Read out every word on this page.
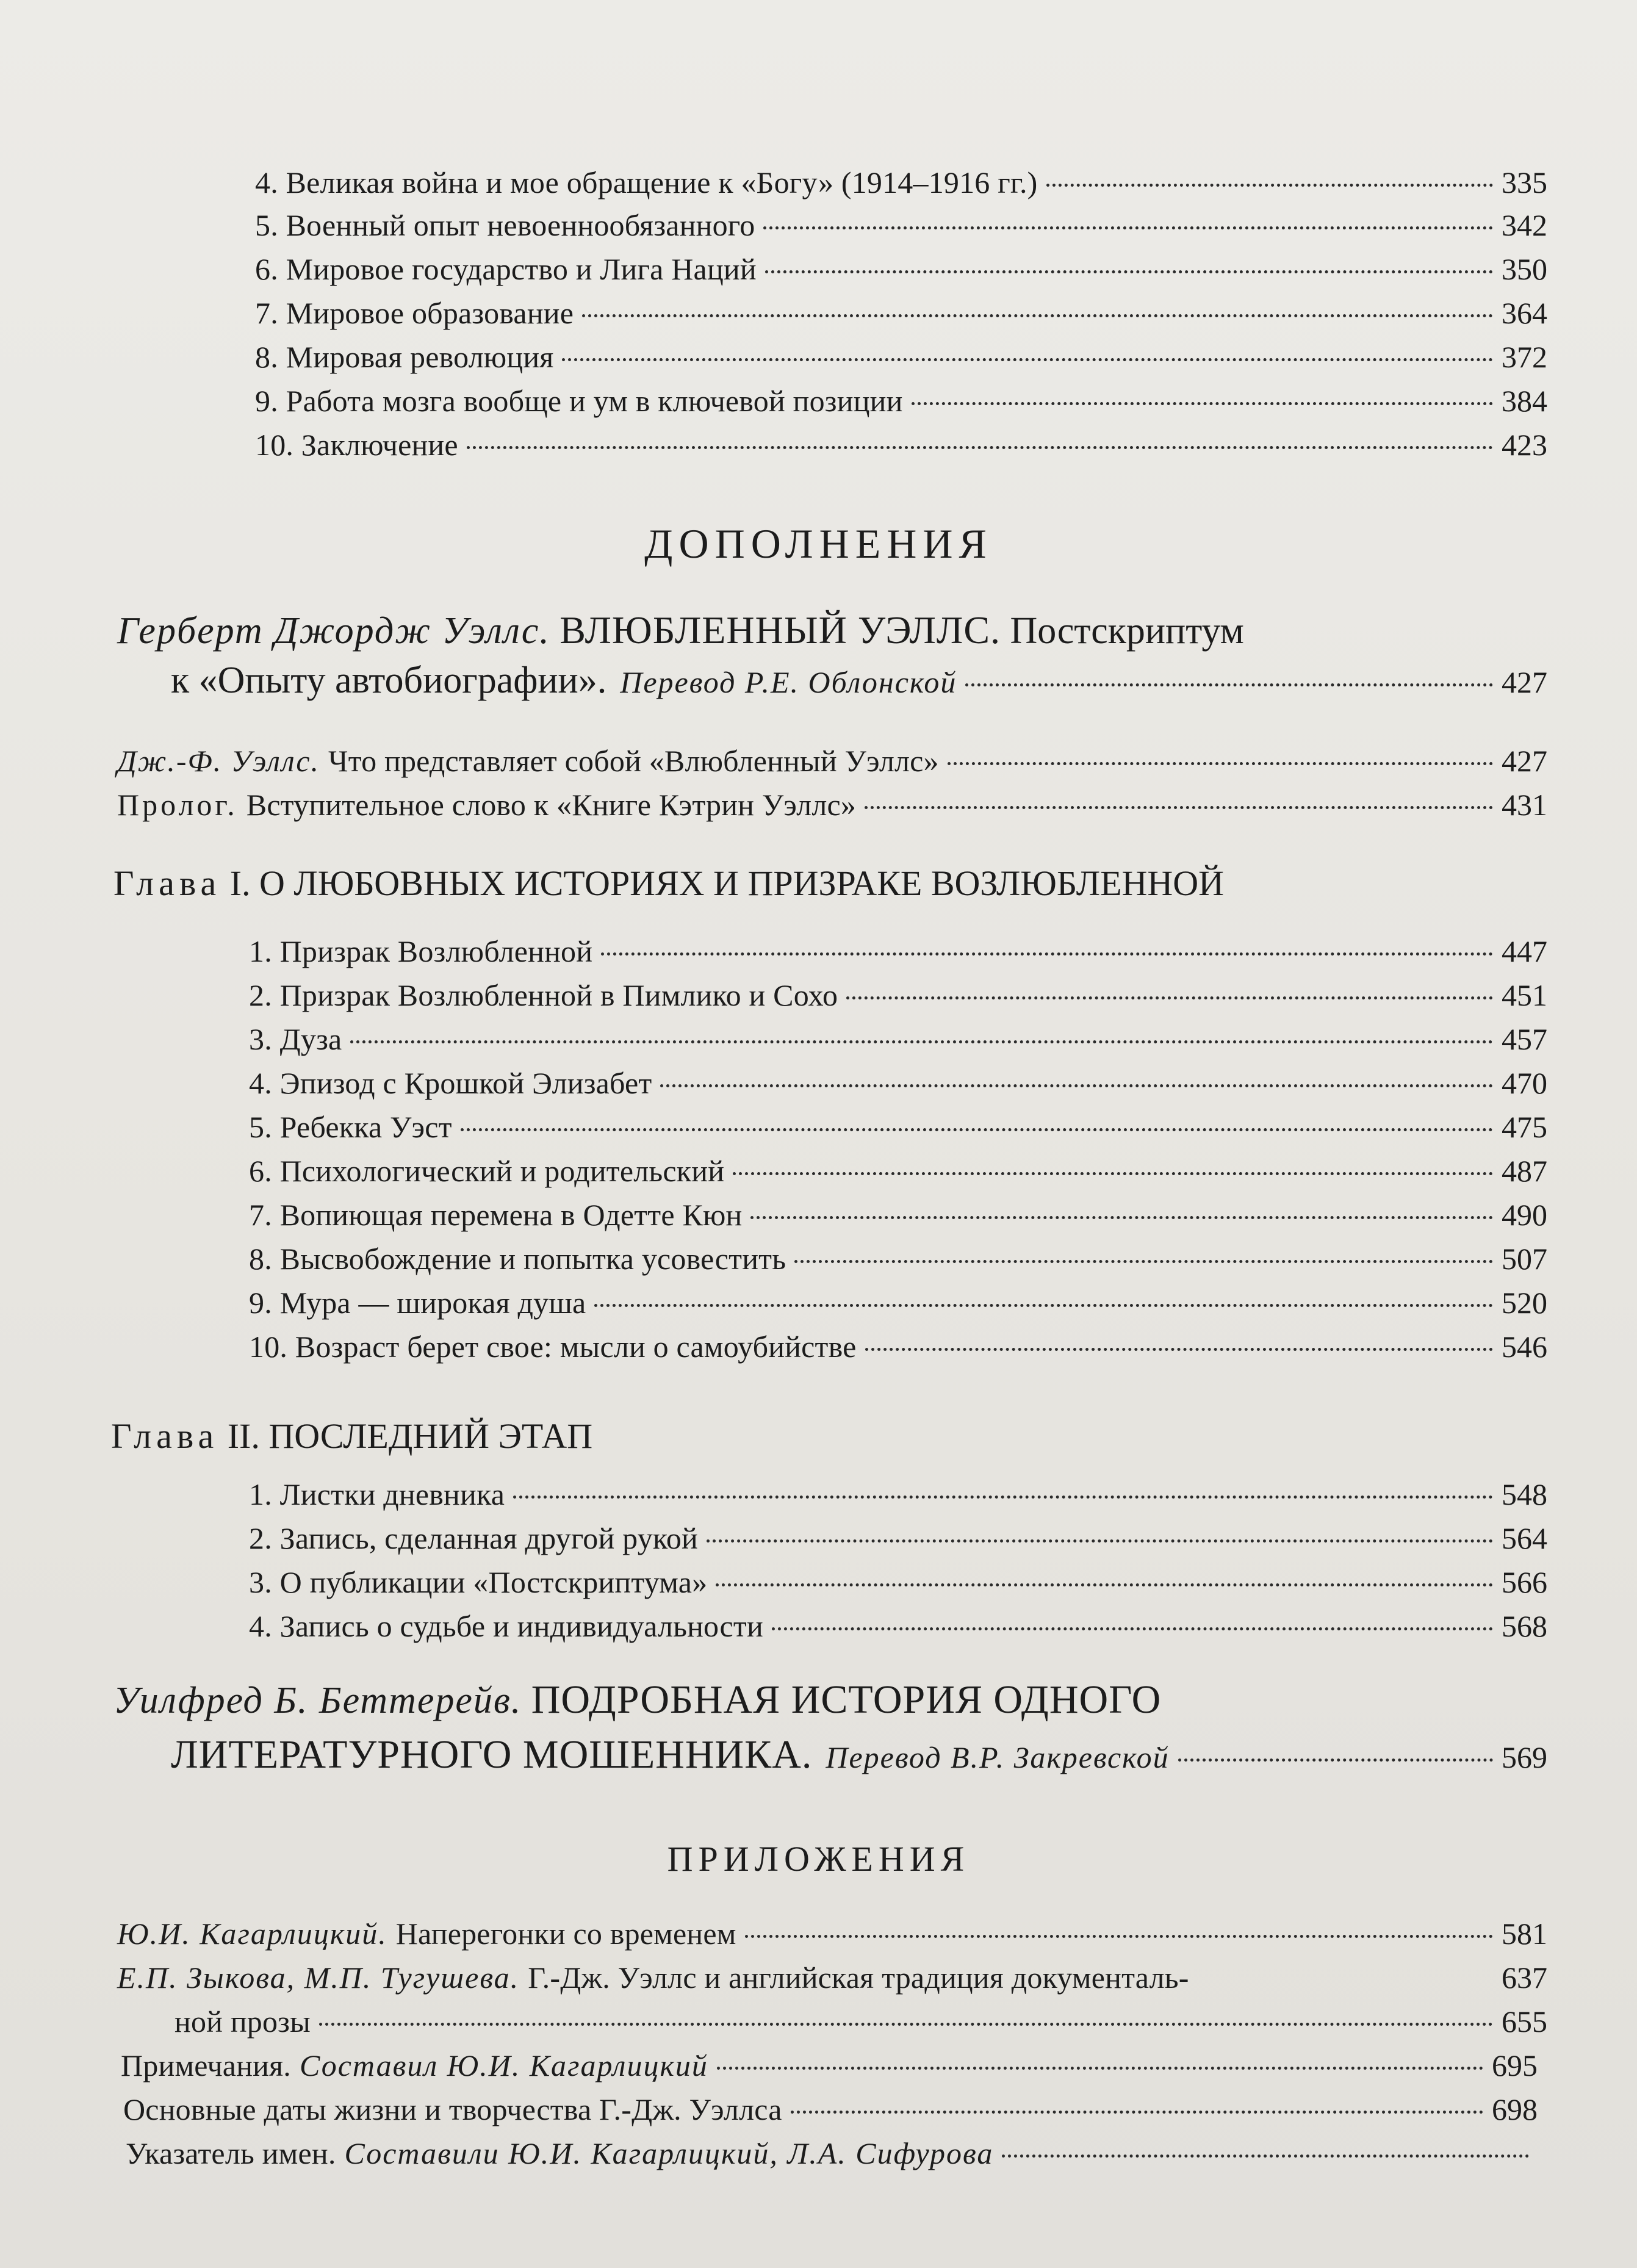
4. Великая война и мое обращение к «Богу» (1914–1916 гг.)	335
5. Военный опыт невоеннообязанного	342
6. Мировое государство и Лига Наций	350
7. Мировое образование	364
8. Мировая революция	372
9. Работа мозга вообще и ум в ключевой позиции	384
10. Заключение	423
ДОПОЛНЕНИЯ
Герберт Джордж Уэллс. ВЛЮБЛЕННЫЙ УЭЛЛС. Постскриптум
к «Опыту автобиографии». Перевод Р.Е. Облонской	427
Дж.-Ф. Уэллс. Что представляет собой «Влюбленный Уэллс»	427
Пролог. Вступительное слово к «Книге Кэтрин Уэллс»	431
Глава I. О ЛЮБОВНЫХ ИСТОРИЯХ И ПРИЗРАКЕ ВОЗЛЮБЛЕННОЙ
1. Призрак Возлюбленной	447
2. Призрак Возлюбленной в Пимлико и Сохо	451
3. Дуза	457
4. Эпизод с Крошкой Элизабет	470
5. Ребекка Уэст	475
6. Психологический и родительский	487
7. Вопиющая перемена в Одетте Кюн	490
8. Высвобождение и попытка усовестить	507
9. Мура — широкая душа	520
10. Возраст берет свое: мысли о самоубийстве	546
Глава II. ПОСЛЕДНИЙ ЭТАП
1. Листки дневника	548
2. Запись, сделанная другой рукой	564
3. О публикации «Постскриптума»	566
4. Запись о судьбе и индивидуальности	568
Уилфред Б. Беттерейв. ПОДРОБНАЯ ИСТОРИЯ ОДНОГО
ЛИТЕРАТУРНОГО МОШЕННИКА. Перевод В.Р. Закревской	569
ПРИЛОЖЕНИЯ
Ю.И. Кагарлицкий. Наперегонки со временем	581
Е.П. Зыкова, М.П. Тугушева. Г.-Дж. Уэллс и английская традиция документаль-	637
ной прозы	655
Примечания. Составил Ю.И. Кагарлицкий	695
Основные даты жизни и творчества Г.-Дж. Уэллса	698
Указатель имен. Составили Ю.И. Кагарлицкий, Л.А. Сифурова
